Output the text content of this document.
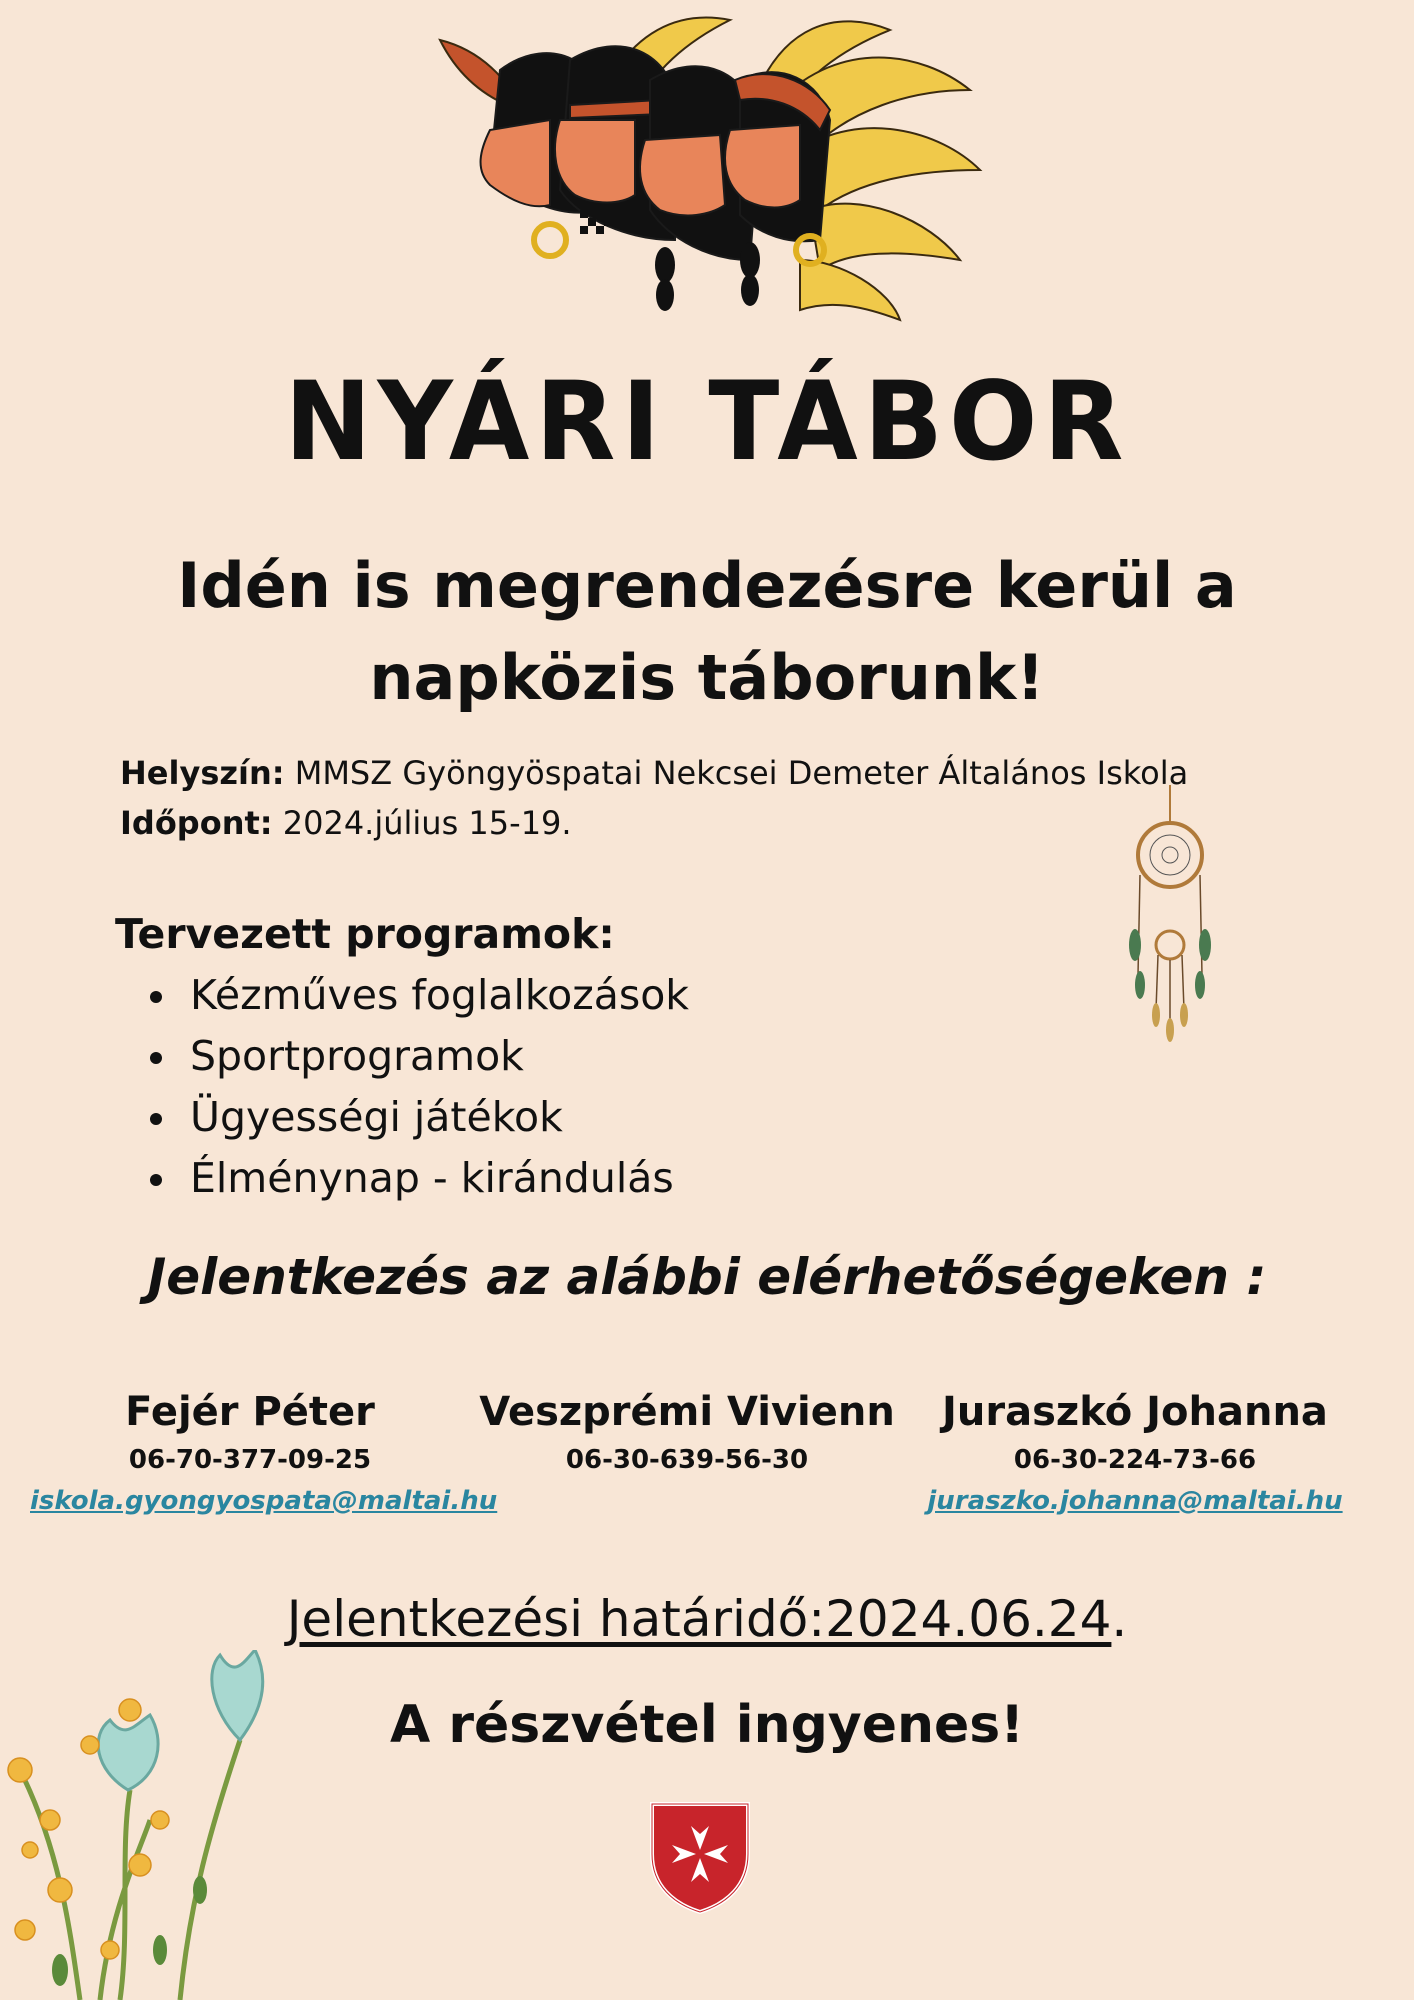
NYÁRI TÁBOR
Idén is megrendezésre kerül a
napközis táborunk!
Helyszín: MMSZ Gyöngyöspatai Nekcsei Demeter Általános Iskola
Időpont: 2024.július 15-19.
Tervezett programok:
Kézműves foglalkozások
Sportprogramok
Ügyességi játékok
Élménynap - kirándulás
Jelentkezés az alábbi elérhetőségeken :
Fejér Péter
06-70-377-09-25
iskola.gyongyospata@maltai.hu
Veszprémi Vivienn
06-30-639-56-30
Juraszkó Johanna
06-30-224-73-66
juraszko.johanna@maltai.hu
Jelentkezési határidő:2024.06.24.
A részvétel ingyenes!
